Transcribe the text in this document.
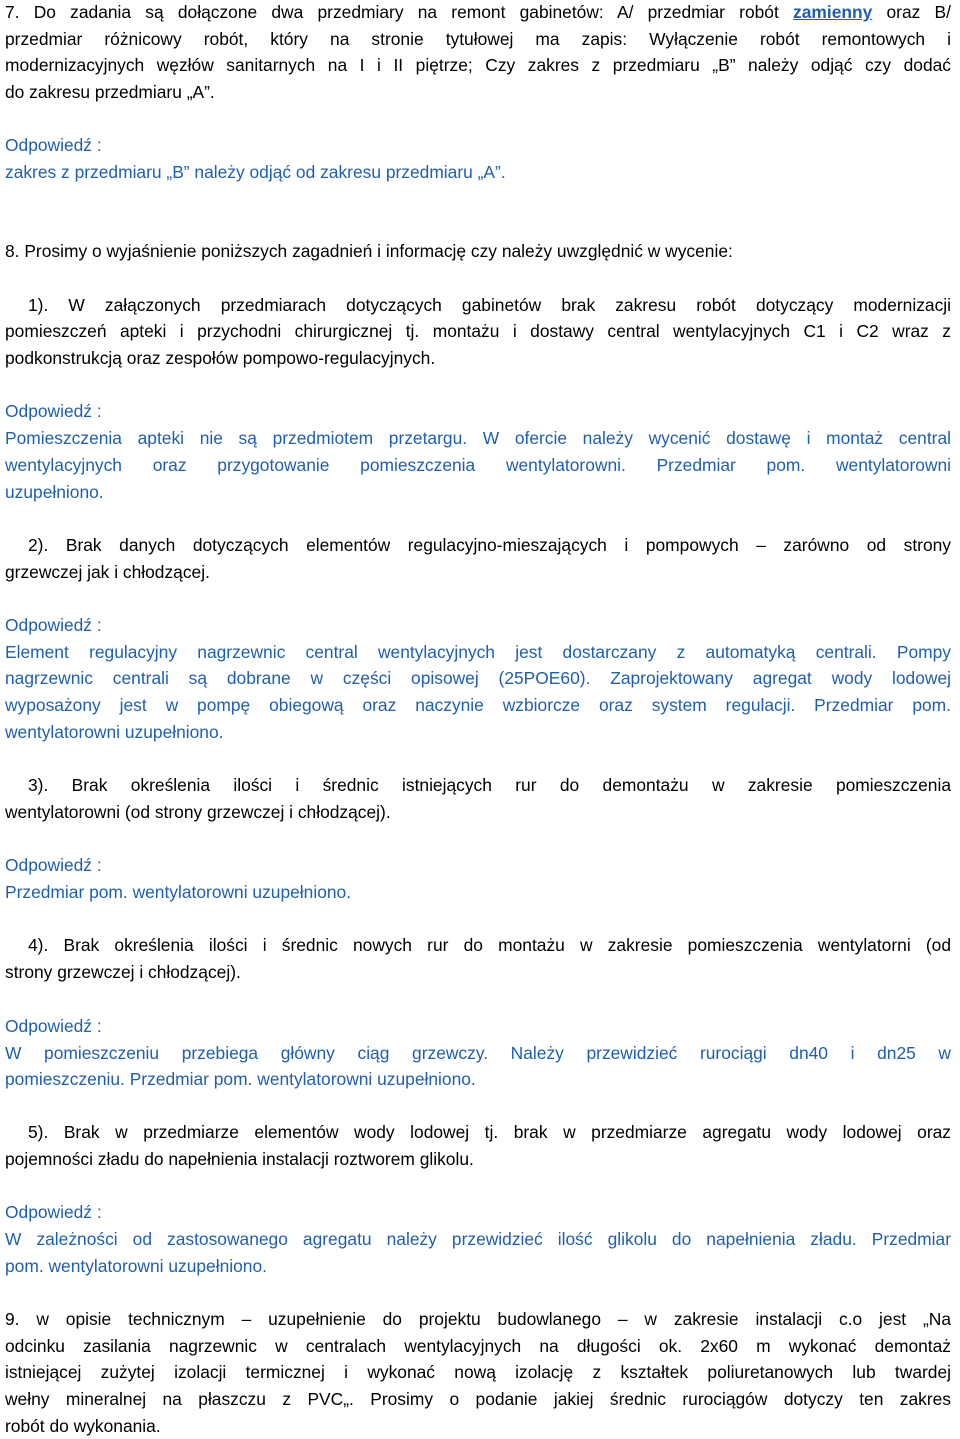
7. Do zadania są dołączone dwa przedmiary na remont gabinetów: A/ przedmiar robót zamienny oraz B/
przedmiar różnicowy robót, który na stronie tytułowej ma zapis: Wyłączenie robót remontowych i
modernizacyjnych węzłów sanitarnych na I i II piętrze; Czy zakres z przedmiaru „B” należy odjąć czy dodać
do zakresu przedmiaru „A”.
Odpowiedź :
zakres z przedmiaru „B” należy odjąć od zakresu przedmiaru „A”.
8. Prosimy o wyjaśnienie poniższych zagadnień i informację czy należy uwzględnić w wycenie:
1). W załączonych przedmiarach dotyczących gabinetów brak zakresu robót dotyczący modernizacji
pomieszczeń apteki i przychodni chirurgicznej tj. montażu i dostawy central wentylacyjnych C1 i C2 wraz z
podkonstrukcją oraz zespołów pompowo-regulacyjnych.
Odpowiedź :
Pomieszczenia apteki nie są przedmiotem przetargu. W ofercie należy wycenić dostawę i montaż central
wentylacyjnych oraz przygotowanie pomieszczenia wentylatorowni. Przedmiar pom. wentylatorowni
uzupełniono.
2). Brak danych dotyczących elementów regulacyjno-mieszających i pompowych – zarówno od strony
grzewczej jak i chłodzącej.
Odpowiedź :
Element regulacyjny nagrzewnic central wentylacyjnych jest dostarczany z automatyką centrali. Pompy
nagrzewnic centrali są dobrane w części opisowej (25POE60). Zaprojektowany agregat wody lodowej
wyposażony jest w pompę obiegową oraz naczynie wzbiorcze oraz system regulacji. Przedmiar pom.
wentylatorowni uzupełniono.
3). Brak określenia ilości i średnic istniejących rur do demontażu w zakresie pomieszczenia
wentylatorowni (od strony grzewczej i chłodzącej).
Odpowiedź :
Przedmiar pom. wentylatorowni uzupełniono.
4). Brak określenia ilości i średnic nowych rur do montażu w zakresie pomieszczenia wentylatorni (od
strony grzewczej i chłodzącej).
Odpowiedź :
W pomieszczeniu przebiega główny ciąg grzewczy. Należy przewidzieć rurociągi dn40 i dn25 w
pomieszczeniu. Przedmiar pom. wentylatorowni uzupełniono.
5). Brak w przedmiarze elementów wody lodowej tj. brak w przedmiarze agregatu wody lodowej oraz
pojemności zładu do napełnienia instalacji roztworem glikolu.
Odpowiedź :
W zależności od zastosowanego agregatu należy przewidzieć ilość glikolu do napełnienia zładu. Przedmiar
pom. wentylatorowni uzupełniono.
9. w opisie technicznym – uzupełnienie do projektu budowlanego – w zakresie instalacji c.o jest „Na
odcinku zasilania nagrzewnic w centralach wentylacyjnych na długości ok. 2x60 m wykonać demontaż
istniejącej zużytej izolacji termicznej i wykonać nową izolację z kształtek poliuretanowych lub twardej
wełny mineralnej na płaszczu z PVC„. Prosimy o podanie jakiej średnic rurociągów dotyczy ten zakres
robót do wykonania.
